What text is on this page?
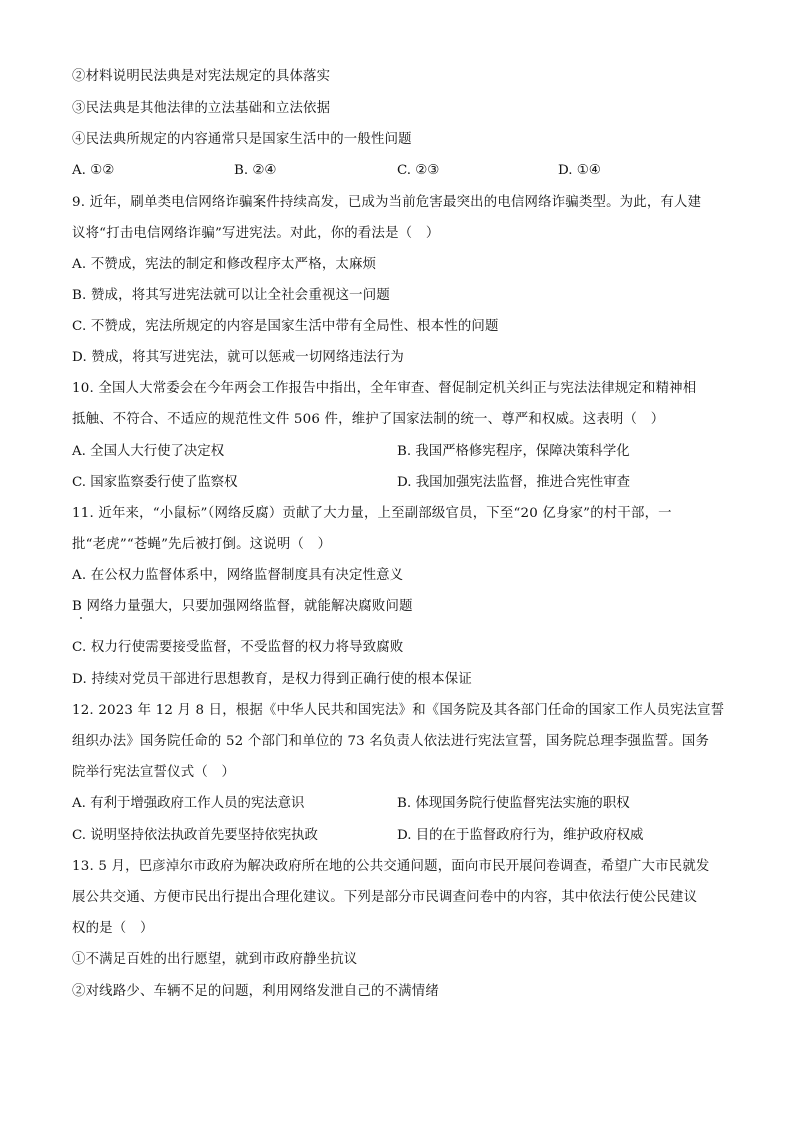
②材料说明民法典是对宪法规定的具体落实
③民法典是其他法律的立法基础和立法依据
④民法典所规定的内容通常只是国家生活中的一般性问题
A. ①②	B. ②④	C. ②③	D. ①④
9. 近年，刷单类电信网络诈骗案件持续高发，已成为当前危害最突出的电信网络诈骗类型。为此，有人建
议将“打击电信网络诈骗”写进宪法。对此，你的看法是（　）
A. 不赞成，宪法的制定和修改程序太严格，太麻烦
B. 赞成，将其写进宪法就可以让全社会重视这一问题
C. 不赞成，宪法所规定的内容是国家生活中带有全局性、根本性的问题
D. 赞成，将其写进宪法，就可以惩戒一切网络违法行为
10. 全国人大常委会在今年两会工作报告中指出，全年审查、督促制定机关纠正与宪法法律规定和精神相
抵触、不符合、不适应的规范性文件 506 件，维护了国家法制的统一、尊严和权威。这表明（　）
A. 全国人大行使了决定权	B. 我国严格修宪程序，保障决策科学化
C. 国家监察委行使了监察权	D. 我国加强宪法监督，推进合宪性审查
11. 近年来，“小鼠标”（网络反腐）贡献了大力量，上至副部级官员，下至“20 亿身家”的村干部，一
批“老虎”“苍蝇”先后被打倒。这说明（　）
A. 在公权力监督体系中，网络监督制度具有决定性意义
B 网络力量强大，只要加强网络监督，就能解决腐败问题
C. 权力行使需要接受监督，不受监督的权力将导致腐败
D. 持续对党员干部进行思想教育，是权力得到正确行使的根本保证
12. 2023 年 12 月 8 日，根据《中华人民共和国宪法》和《国务院及其各部门任命的国家工作人员宪法宣誓
组织办法》国务院任命的 52 个部门和单位的 73 名负责人依法进行宪法宣誓，国务院总理李强监誓。国务
院举行宪法宣誓仪式（　）
A. 有利于增强政府工作人员的宪法意识	B. 体现国务院行使监督宪法实施的职权
C. 说明坚持依法执政首先要坚持依宪执政	D. 目的在于监督政府行为，维护政府权威
13. 5 月，巴彦淖尔市政府为解决政府所在地的公共交通问题，面向市民开展问卷调查，希望广大市民就发
展公共交通、方便市民出行提出合理化建议。下列是部分市民调查问卷中的内容，其中依法行使公民建议
权的是（　）
①不满足百姓的出行愿望，就到市政府静坐抗议
②对线路少、车辆不足的问题，利用网络发泄自己的不满情绪
